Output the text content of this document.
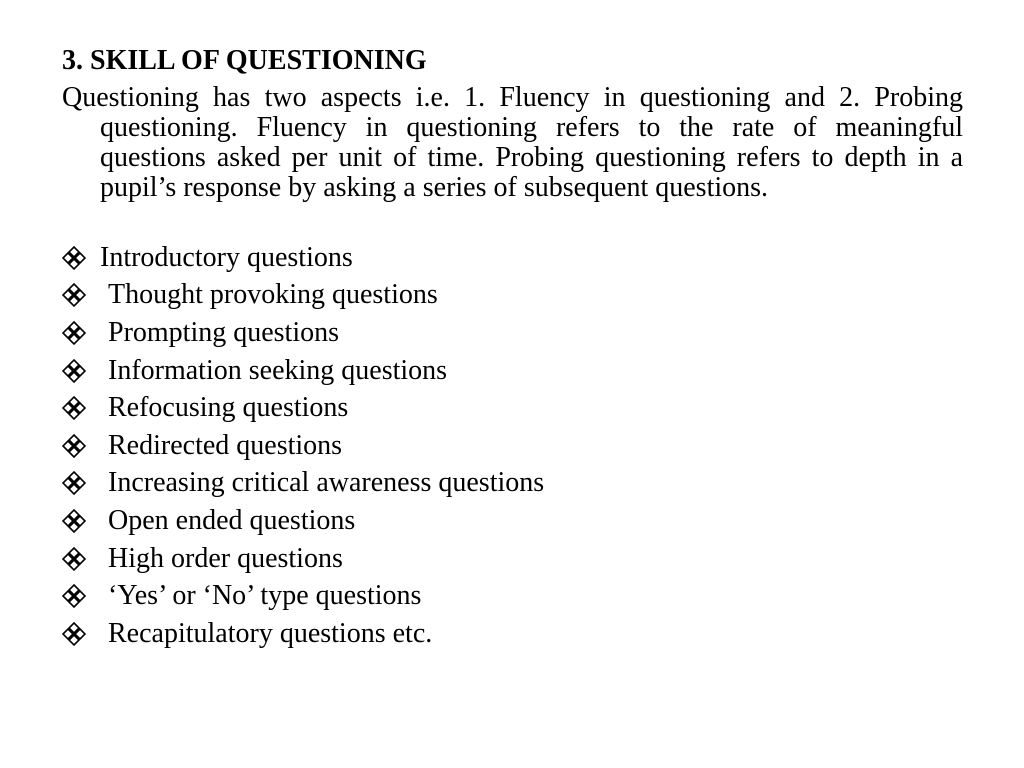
3. SKILL OF QUESTIONING

Questioning has two aspects i.e. 1. Fluency in questioning and 2. Probing questioning. Fluency in questioning refers to the rate of meaningful questions asked per unit of time. Probing questioning refers to depth in a pupil’s response by asking a series of subsequent questions.

Introductory questions
Thought provoking questions
Prompting questions
Information seeking questions
Refocusing questions
Redirected questions
Increasing critical awareness questions
Open ended questions
High order questions
‘Yes’ or ‘No’ type questions
Recapitulatory questions etc.
